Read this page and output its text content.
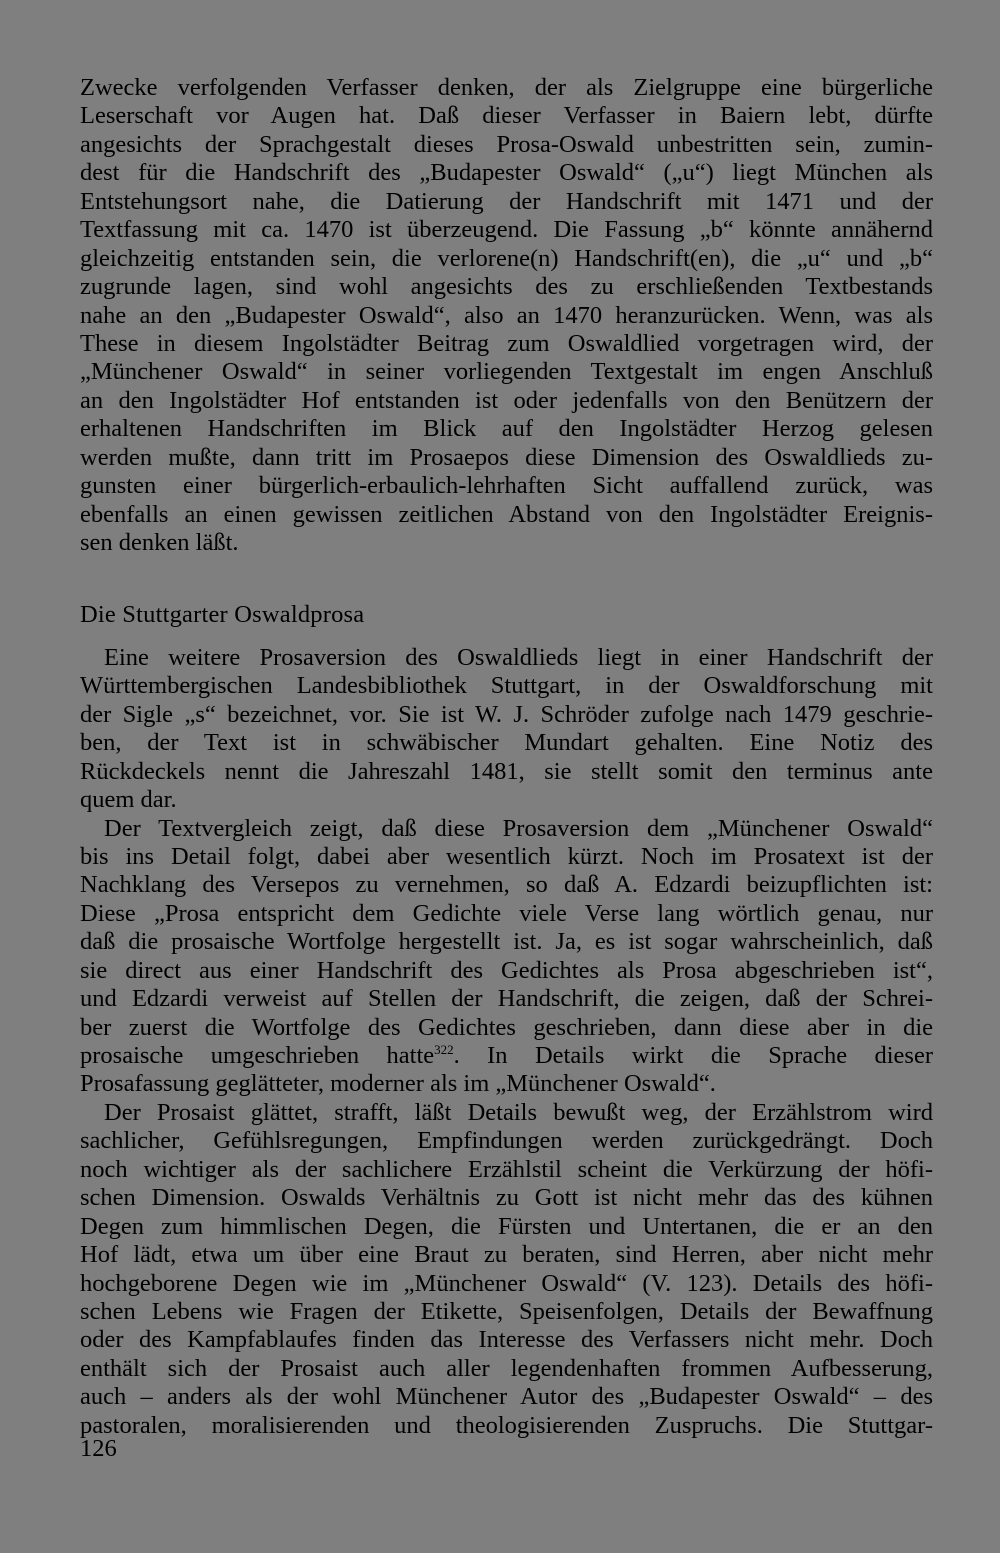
Zwecke verfolgenden Verfasser denken, der als Zielgruppe eine bürgerliche
Leserschaft vor Augen hat. Daß dieser Verfasser in Baiern lebt, dürfte
angesichts der Sprachgestalt dieses Prosa-Oswald unbestritten sein, zumin-
dest für die Handschrift des „Budapester Oswald“ („u“) liegt München als
Entstehungsort nahe, die Datierung der Handschrift mit 1471 und der
Textfassung mit ca. 1470 ist überzeugend. Die Fassung „b“ könnte annähernd
gleichzeitig entstanden sein, die verlorene(n) Handschrift(en), die „u“ und „b“
zugrunde lagen, sind wohl angesichts des zu erschließenden Textbestands
nahe an den „Budapester Oswald“, also an 1470 heranzurücken. Wenn, was als
These in diesem Ingolstädter Beitrag zum Oswaldlied vorgetragen wird, der
„Münchener Oswald“ in seiner vorliegenden Textgestalt im engen Anschluß
an den Ingolstädter Hof entstanden ist oder jedenfalls von den Benützern der
erhaltenen Handschriften im Blick auf den Ingolstädter Herzog gelesen
werden mußte, dann tritt im Prosaepos diese Dimension des Oswaldlieds zu-
gunsten einer bürgerlich-erbaulich-lehrhaften Sicht auffallend zurück, was
ebenfalls an einen gewissen zeitlichen Abstand von den Ingolstädter Ereignis-
sen denken läßt.
Die Stuttgarter Oswaldprosa
Eine weitere Prosaversion des Oswaldlieds liegt in einer Handschrift der
Württembergischen Landesbibliothek Stuttgart, in der Oswaldforschung mit
der Sigle „s“ bezeichnet, vor. Sie ist W. J. Schröder zufolge nach 1479 geschrie-
ben, der Text ist in schwäbischer Mundart gehalten. Eine Notiz des
Rückdeckels nennt die Jahreszahl 1481, sie stellt somit den terminus ante
quem dar.
Der Textvergleich zeigt, daß diese Prosaversion dem „Münchener Oswald“
bis ins Detail folgt, dabei aber wesentlich kürzt. Noch im Prosatext ist der
Nachklang des Versepos zu vernehmen, so daß A. Edzardi beizupflichten ist:
Diese „Prosa entspricht dem Gedichte viele Verse lang wörtlich genau, nur
daß die prosaische Wortfolge hergestellt ist. Ja, es ist sogar wahrscheinlich, daß
sie direct aus einer Handschrift des Gedichtes als Prosa abgeschrieben ist“,
und Edzardi verweist auf Stellen der Handschrift, die zeigen, daß der Schrei-
ber zuerst die Wortfolge des Gedichtes geschrieben, dann diese aber in die
prosaische umgeschrieben hatte$^{322}$. In Details wirkt die Sprache dieser
Prosafassung geglätteter, moderner als im „Münchener Oswald“.
Der Prosaist glättet, strafft, läßt Details bewußt weg, der Erzählstrom wird
sachlicher, Gefühlsregungen, Empfindungen werden zurückgedrängt. Doch
noch wichtiger als der sachlichere Erzählstil scheint die Verkürzung der höfi-
schen Dimension. Oswalds Verhältnis zu Gott ist nicht mehr das des kühnen
Degen zum himmlischen Degen, die Fürsten und Untertanen, die er an den
Hof lädt, etwa um über eine Braut zu beraten, sind Herren, aber nicht mehr
hochgeborene Degen wie im „Münchener Oswald“ (V. 123). Details des höfi-
schen Lebens wie Fragen der Etikette, Speisenfolgen, Details der Bewaffnung
oder des Kampfablaufes finden das Interesse des Verfassers nicht mehr. Doch
enthält sich der Prosaist auch aller legendenhaften frommen Aufbesserung,
auch – anders als der wohl Münchener Autor des „Budapester Oswald“ – des
pastoralen, moralisierenden und theologisierenden Zuspruchs. Die Stuttgar-
126
